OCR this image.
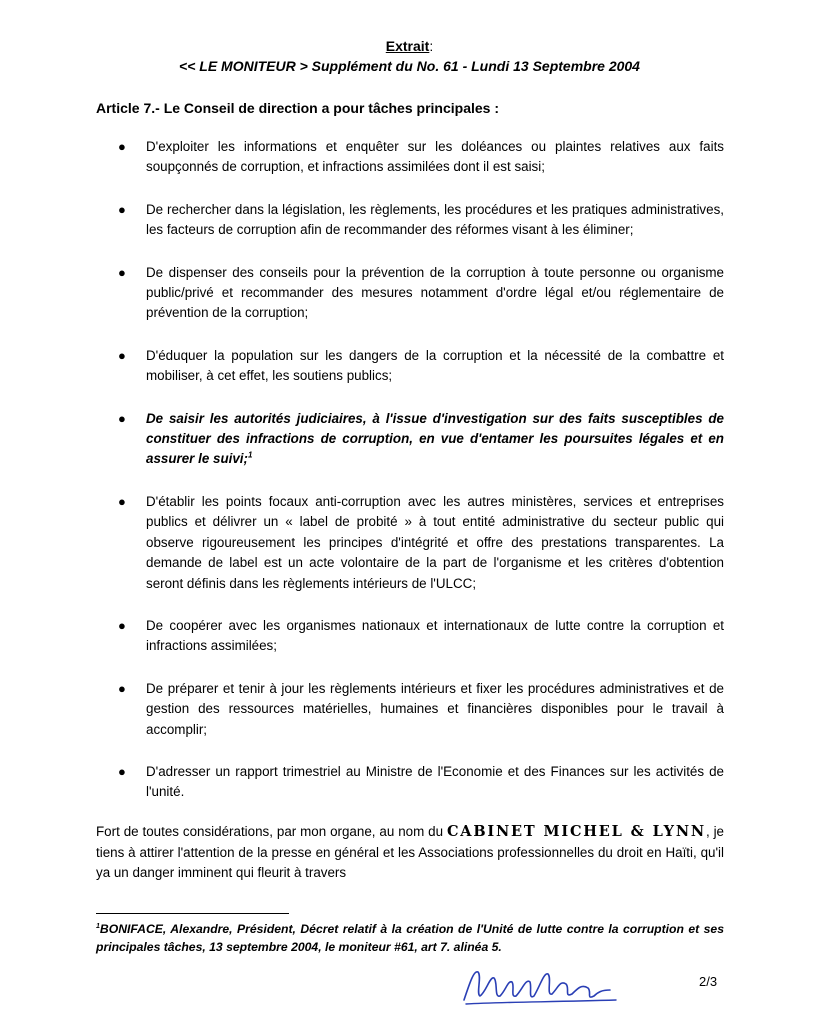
Extrait:
<< LE MONITEUR > Supplément du No. 61 - Lundi 13 Septembre 2004
Article 7.- Le Conseil de direction a pour tâches principales :
● D'exploiter les informations et enquêter sur les doléances ou plaintes relatives aux faits soupçonnés de corruption, et infractions assimilées dont il est saisi;
● De rechercher dans la législation, les règlements, les procédures et les pratiques administratives, les facteurs de corruption afin de recommander des réformes visant à les éliminer;
● De dispenser des conseils pour la prévention de la corruption à toute personne ou organisme public/privé et recommander des mesures notamment d'ordre légal et/ou réglementaire de prévention de la corruption;
● D'éduquer la population sur les dangers de la corruption et la nécessité de la combattre et mobiliser, à cet effet, les soutiens publics;
● De saisir les autorités judiciaires, à l'issue d'investigation sur des faits susceptibles de constituer des infractions de corruption, en vue d'entamer les poursuites légales et en assurer le suivi;$^1$
● D'établir les points focaux anti-corruption avec les autres ministères, services et entreprises publics et délivrer un « label de probité » à tout entité administrative du secteur public qui observe rigoureusement les principes d'intégrité et offre des prestations transparentes. La demande de label est un acte volontaire de la part de l'organisme et les critères d'obtention seront définis dans les règlements intérieurs de l'ULCC;
● De coopérer avec les organismes nationaux et internationaux de lutte contre la corruption et infractions assimilées;
● De préparer et tenir à jour les règlements intérieurs et fixer les procédures administratives et de gestion des ressources matérielles, humaines et financières disponibles pour le travail à accomplir;
● D'adresser un rapport trimestriel au Ministre de l'Economie et des Finances sur les activités de l'unité.
Fort de toutes considérations, par mon organe, au nom du CABINET MICHEL & LYNN, je tiens à attirer l'attention de la presse en général et les Associations professionnelles du droit en Haïti, qu'il ya un danger imminent qui fleurit à travers
$^1$BONIFACE, Alexandre, Président, Décret relatif à la création de l'Unité de lutte contre la corruption et ses principales tâches, 13 septembre 2004, le moniteur #61, art 7. alinéa 5.
2/3
